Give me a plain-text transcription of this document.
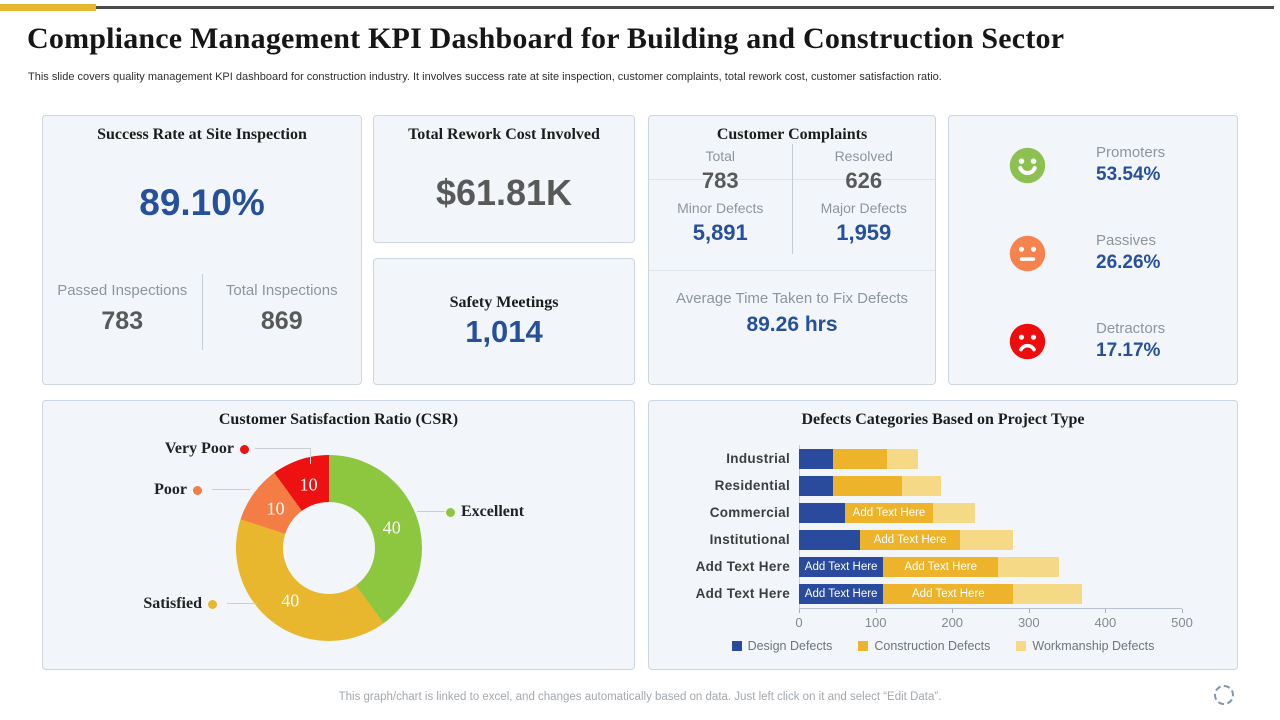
Compliance Management KPI Dashboard for Building and Construction Sector

This slide covers quality management KPI dashboard for construction industry. It involves success rate at site inspection, customer complaints, total rework cost, customer satisfaction ratio.

Success Rate at Site Inspection
89.10%
Passed Inspections
783
Total Inspections
869
Total Rework Cost Involved
$61.81K
Safety Meetings
1,014
Customer Complaints
Total
783
Resolved
626
Minor Defects
5,891
Major Defects
1,959
Average Time Taken to Fix Defects
89.26 hrs
Promoters
53.54%
Passives
26.26%
Detractors
17.17%
Customer Satisfaction Ratio (CSR)
Very Poor
Poor
Satisfied
Excellent
40
40
10
10
Defects Categories Based on Project Type
Industrial
Residential
Commercial	Add Text Here
Institutional	Add Text Here
Add Text Here	Add Text Here	Add Text Here
Add Text Here	Add Text Here	Add Text Here
0	100	200	300	400	500
Design Defects	Construction Defects	Workmanship Defects

This graph/chart is linked to excel, and changes automatically based on data. Just left click on it and select “Edit Data”.
